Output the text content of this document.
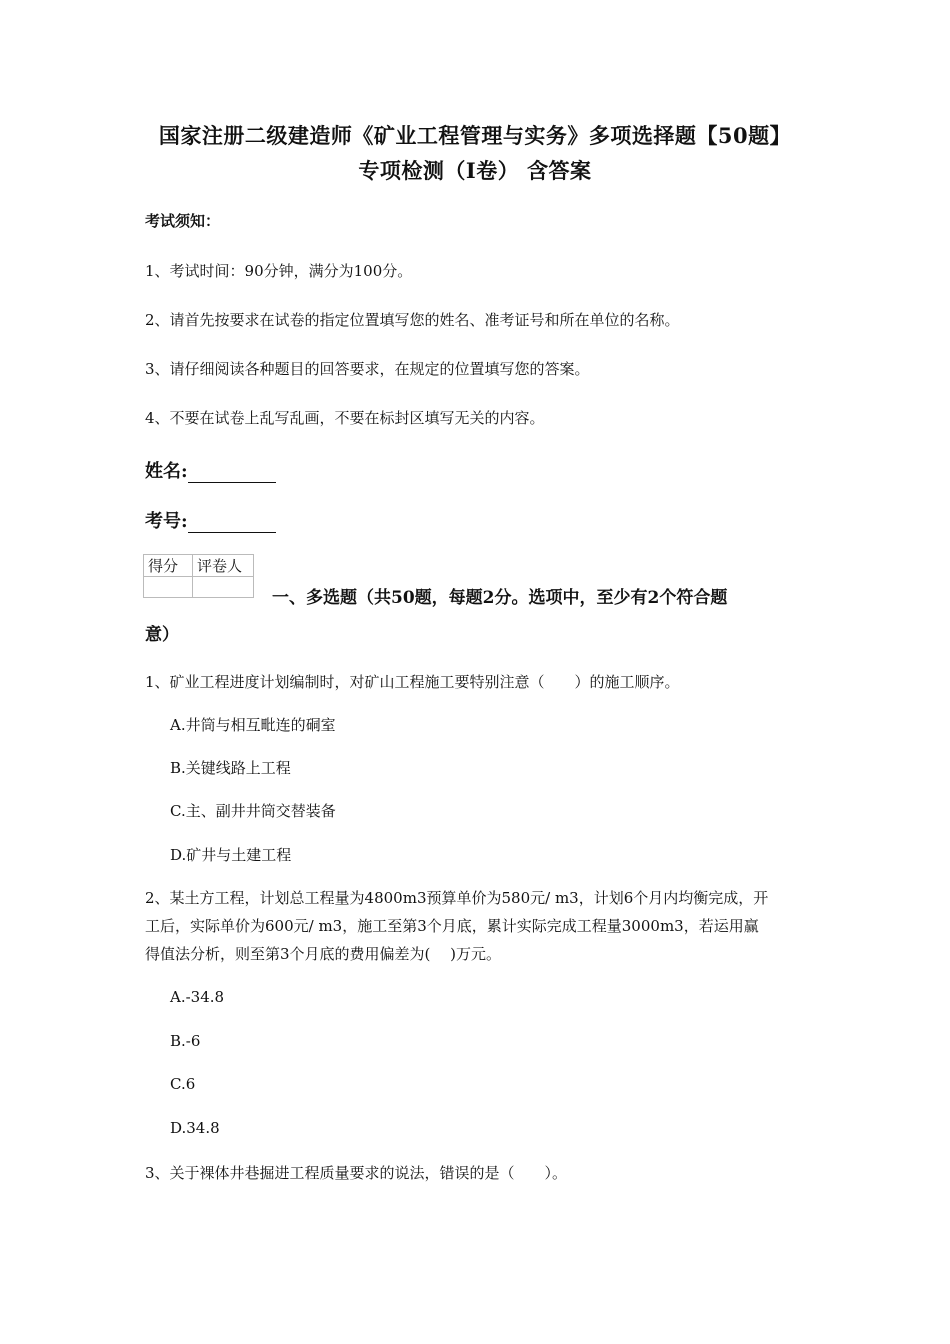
国家注册二级建造师《矿业工程管理与实务》多项选择题【50题】
专项检测（I卷） 含答案
考试须知：
1、考试时间：90分钟，满分为100分。
2、请首先按要求在试卷的指定位置填写您的姓名、准考证号和所在单位的名称。
3、请仔细阅读各种题目的回答要求，在规定的位置填写您的答案。
4、不要在试卷上乱写乱画，不要在标封区填写无关的内容。
姓名:
考号:
得分	评卷人

一、多选题（共50题，每题2分。选项中，至少有2个符合题
意）
1、矿业工程进度计划编制时，对矿山工程施工要特别注意（　　）的施工顺序。
A.井筒与相互毗连的硐室
B.关键线路上工程
C.主、副井井筒交替装备
D.矿井与土建工程
2、某土方工程，计划总工程量为4800m3预算单价为580元/ m3，计划6个月内均衡完成，开
工后，实际单价为600元/ m3，施工至第3个月底，累计实际完成工程量3000m3，若运用赢
得值法分析，则至第3个月底的费用偏差为(　 )万元。
A.-34.8
B.-6
C.6
D.34.8
3、关于裸体井巷掘进工程质量要求的说法，错误的是（　　）。
